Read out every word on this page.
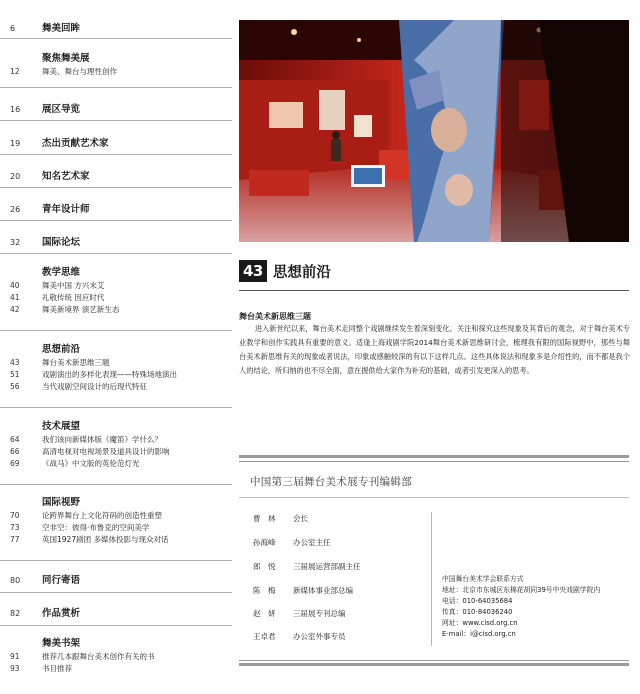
6	舞美回眸
聚焦舞美展
12	舞美、舞台与理性创作
16	展区导览
19	杰出贡献艺术家
20	知名艺术家
26	青年设计师
32	国际论坛
教学思维
40	舞美中国 方兴未艾
41	礼敬传统 因应时代
42	舞美新境界 演艺新生态
思想前沿
43	舞台美术新思维三题
51	戏剧演出的多样化表现——特殊场地演出
56	当代戏剧空间设计的后现代特征
技术展望
64	我们该向新媒体版《魔笛》学什么？
66	高清电视对电视场景及道具设计的影响
69	《战马》中文版的英伦范灯光
国际视野
70	论跨界舞台上文化符码的创造性重塑
73	空非空：彼得·布鲁克的空间美学
77	英国1927剧团 多媒体投影与现众对话
80	同行寄语
82	作品赏析
舞美书架
91	推荐几本跟舞台美术创作有关的书
93	书目推荐
43 思想前沿
舞台美术新思维三题
进入新世纪以来，舞台美术走同整个戏剧继续发生着深刻变化。关注和探究这些现象及其背后的观念，对于舞台美术专业教学和创作实践具有重要的意义。适逢上海戏剧学院2014舞台美术新思维研讨会，梳理我有限的国际视野中，那些与舞台美术新思维有关的现象或者说法，印象或感触较深的有以下这样几点。这些具体说法和现象多是介绍性的，而不都是我个人的结论，所归纳的也不尽全面，意在握供给大家作为补充的基础，或者引发更深入的思考。
中国第三届舞台美术展专刊编辑部
曹　林	会长
孙海峰	办公室主任
郎　悦	三届展运营部副主任
陈　梅	新媒体事业部总编
赵　妍	三届展专刊总编
王卓君	办公室外事专员
中国舞台美术学会联系方式
地址：北京市东城区东棉花胡同39号中央戏剧学院内
电话：010-64035684
传真：010-84036240
网址：www.cisd.org.cn
E-mail：i@cisd.org.cn
